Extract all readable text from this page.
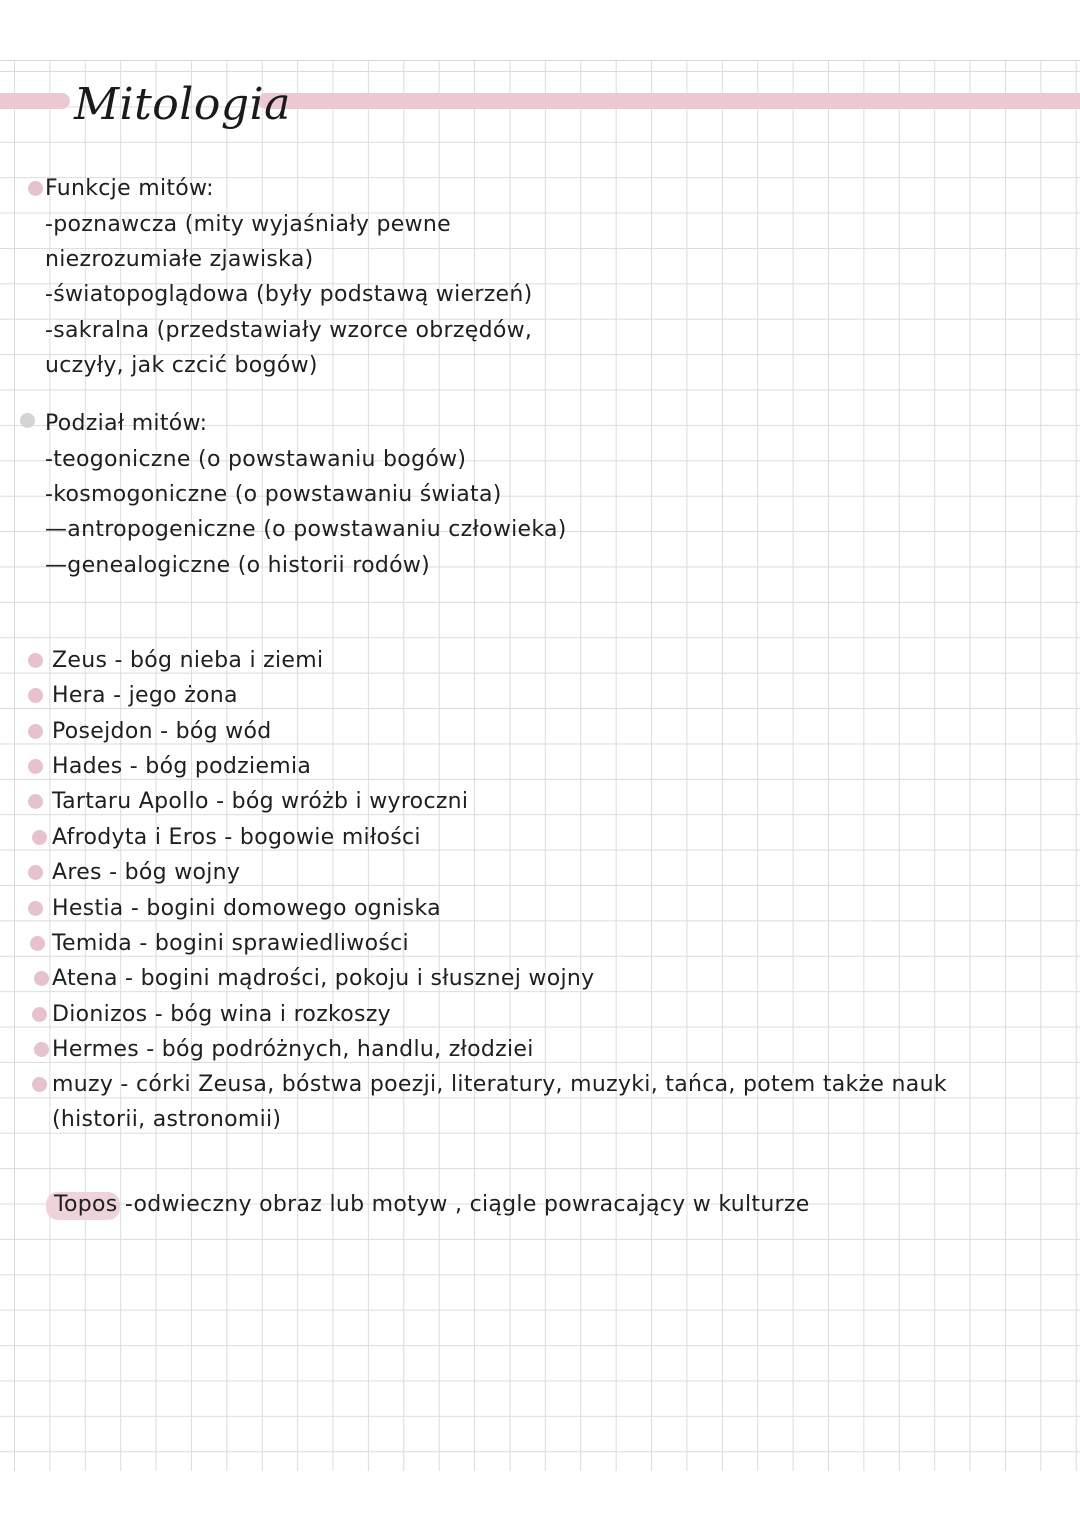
Mitologia
Funkcje mitów:
-poznawcza (mity wyjaśniały pewne
niezrozumiałe zjawiska)
-światopoglądowa (były podstawą wierzeń)
-sakralna (przedstawiały wzorce obrzędów,
uczyły, jak czcić bogów)
Podział mitów:
-teogoniczne (o powstawaniu bogów)
-kosmogoniczne (o powstawaniu świata)
—antropogeniczne (o powstawaniu człowieka)
—genealogiczne (o historii rodów)
Zeus - bóg nieba i ziemi
Hera - jego żona
Posejdon - bóg wód
Hades - bóg podziemia
Tartaru Apollo - bóg wróżb i wyroczni
Afrodyta i Eros - bogowie miłości
Ares - bóg wojny
Hestia - bogini domowego ogniska
Temida - bogini sprawiedliwości
Atena - bogini mądrości, pokoju i słusznej wojny
Dionizos - bóg wina i rozkoszy
Hermes - bóg podróżnych, handlu, złodziei
muzy - córki Zeusa, bóstwa poezji, literatury, muzyki, tańca, potem także nauk
(historii, astronomii)
Topos -odwieczny obraz lub motyw , ciągle powracający w kulturze
